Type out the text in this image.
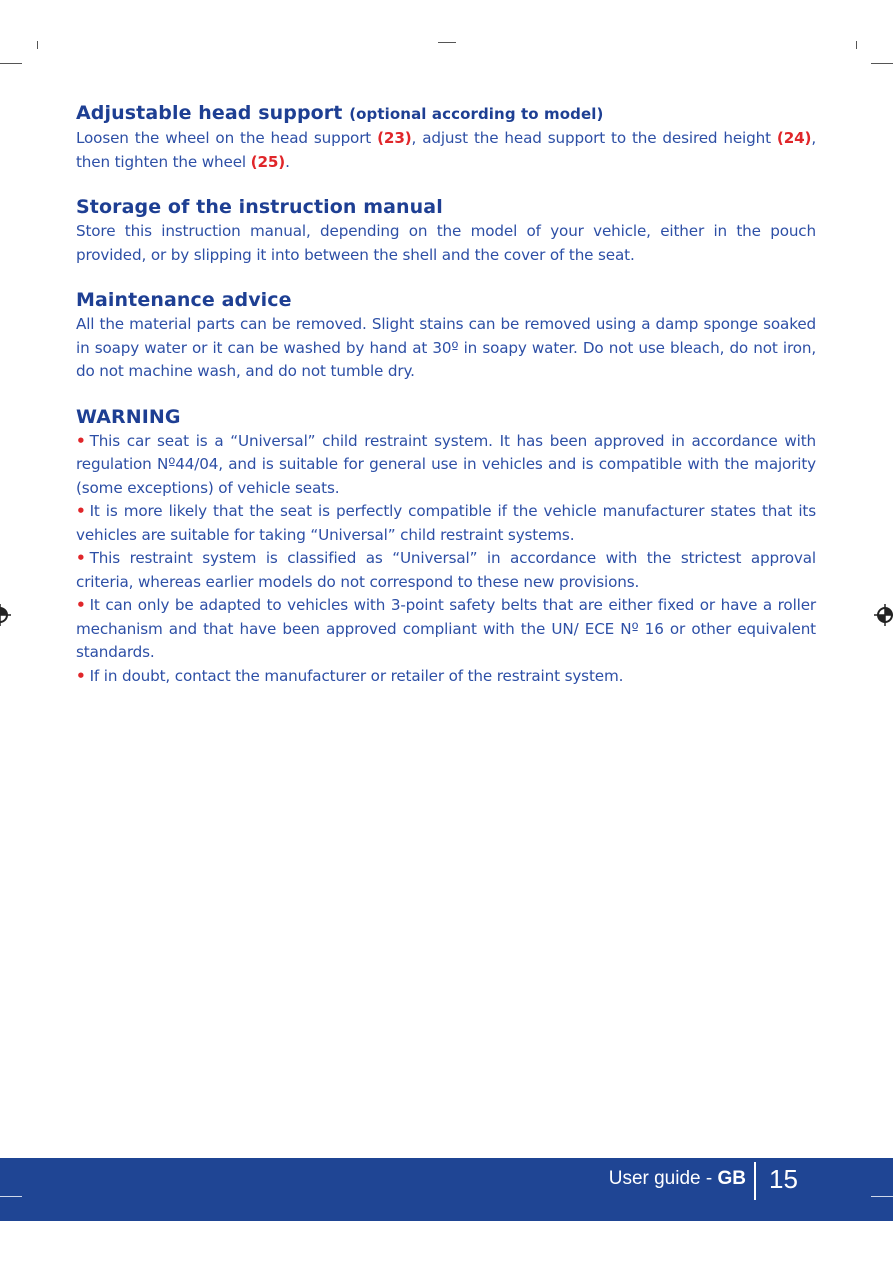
Adjustable head support (optional according to model)

Loosen the wheel on the head support (23), adjust the head support to the desired height (24), then tighten the wheel (25).

Storage of the instruction manual

Store this instruction manual, depending on the model of your vehicle, either in the pouch provided, or by slipping it into between the shell and the cover of the seat.

Maintenance advice

All the material parts can be removed. Slight stains can be removed using a damp sponge soaked in soapy water or it can be washed by hand at 30º in soapy water. Do not use bleach, do not iron, do not machine wash, and do not tumble dry.

WARNING

• This car seat is a “Universal” child restraint system. It has been approved in accordance with regulation Nº44/04, and is suitable for general use in vehicles and is compatible with the majority (some exceptions) of vehicle seats.

• It is more likely that the seat is perfectly compatible if the vehicle manufacturer states that its vehicles are suitable for taking “Universal” child restraint systems.

• This restraint system is classified as “Universal” in accordance with the strictest approval criteria, whereas earlier models do not correspond to these new provisions.

• It can only be adapted to vehicles with 3-point safety belts that are either fixed or have a roller mechanism and that have been approved compliant with the UN/ ECE Nº 16 or other equivalent standards.

• If in doubt, contact the manufacturer or retailer of the restraint system.

User guide - GB 15
